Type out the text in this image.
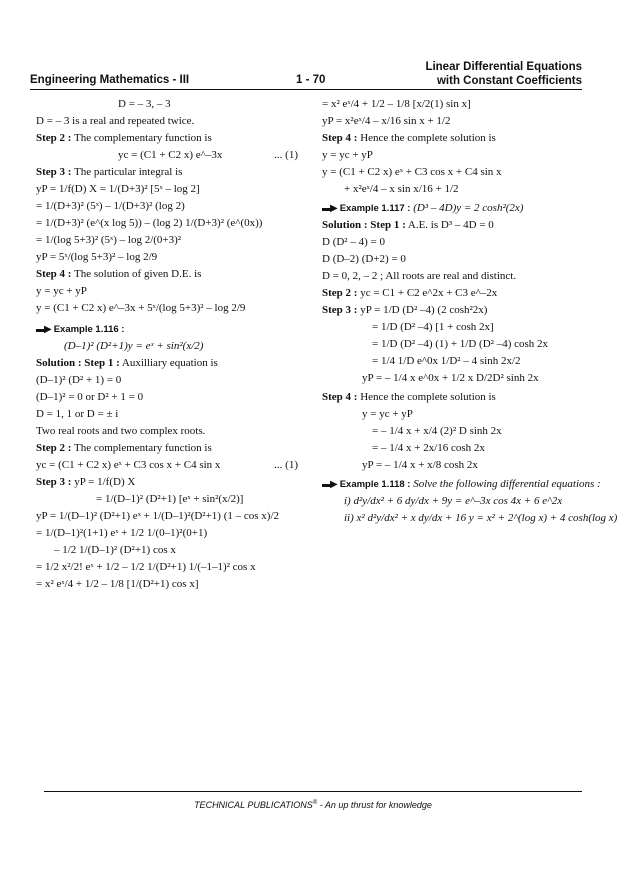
Engineering Mathematics - III	1 - 70
Linear Differential Equations
with Constant Coefficients
D = – 3, – 3
D = – 3 is a real and repeated twice.
Step 2 : The complementary function is
yc = (C1 + C2 x) e^–3x	... (1)
Step 3 : The particular integral is
yP = 1/f(D) X = 1/(D+3)² [5ˣ – log 2]
= 1/(D+3)² (5ˣ) – 1/(D+3)² (log 2)
= 1/(D+3)² (e^(x log 5)) – (log 2) 1/(D+3)² (e^(0x))
= 1/(log 5+3)² (5ˣ) – log 2/(0+3)²
yP = 5ˣ/(log 5+3)² – log 2/9
Step 4 : The solution of given D.E. is
y = yc + yP
y = (C1 + C2 x) e^–3x + 5ˣ/(log 5+3)² – log 2/9
▬▶ Example 1.116 :
(D–1)² (D²+1)y = eˣ + sin²(x/2)
Solution : Step 1 : Auxilliary equation is
(D–1)² (D² + 1) = 0
(D–1)² = 0 or D² + 1 = 0
D = 1, 1 or D = ± i
Two real roots and two complex roots.
Step 2 : The complementary function is
yc = (C1 + C2 x) eˣ + C3 cos x + C4 sin x	... (1)
Step 3 : yP = 1/f(D) X
= 1/(D–1)² (D²+1) [eˣ + sin²(x/2)]
yP = 1/(D–1)² (D²+1) eˣ + 1/(D–1)²(D²+1) (1 – cos x)/2
= 1/(D–1)²(1+1) eˣ + 1/2 1/(0–1)²(0+1)
– 1/2 1/(D–1)² (D²+1) cos x
= 1/2 x²/2! eˣ + 1/2 – 1/2 1/(D²+1) 1/(–1–1)² cos x
= x² eˣ/4 + 1/2 – 1/8 [1/(D²+1) cos x]
= x² eˣ/4 + 1/2 – 1/8 [x/2(1) sin x]
yP = x²eˣ/4 – x/16 sin x + 1/2
Step 4 : Hence the complete solution is
y = yc + yP
y = (C1 + C2 x) eˣ + C3 cos x + C4 sin x
+ x²eˣ/4 – x sin x/16 + 1/2
▬▶ Example 1.117 : (D³ – 4D)y = 2 cosh²(2x)
Solution : Step 1 : A.E. is D³ – 4D = 0
D (D² – 4) = 0
D (D–2) (D+2) = 0
D = 0, 2, – 2 ; All roots are real and distinct.
Step 2 : yc = C1 + C2 e^2x + C3 e^–2x
Step 3 : yP = 1/D (D² –4) (2 cosh²2x)
= 1/D (D² –4) [1 + cosh 2x]
= 1/D (D² –4) (1) + 1/D (D² –4) cosh 2x
= 1/4 1/D e^0x 1/D² – 4 sinh 2x/2
yP = – 1/4 x e^0x + 1/2 x D/2D² sinh 2x
Step 4 : Hence the complete solution is
y = yc + yP
= – 1/4 x + x/4 (2)² D sinh 2x
= – 1/4 x + 2x/16 cosh 2x
yP = – 1/4 x + x/8 cosh 2x
▬▶ Example 1.118 : Solve the following differential equations :
i) d²y/dx² + 6 dy/dx + 9y = e^–3x cos 4x + 6 e^2x
ii) x² d²y/dx² + x dy/dx + 16 y = x² + 2^(log x) + 4 cosh(log x)
TECHNICAL PUBLICATIONS® - An up thrust for knowledge
